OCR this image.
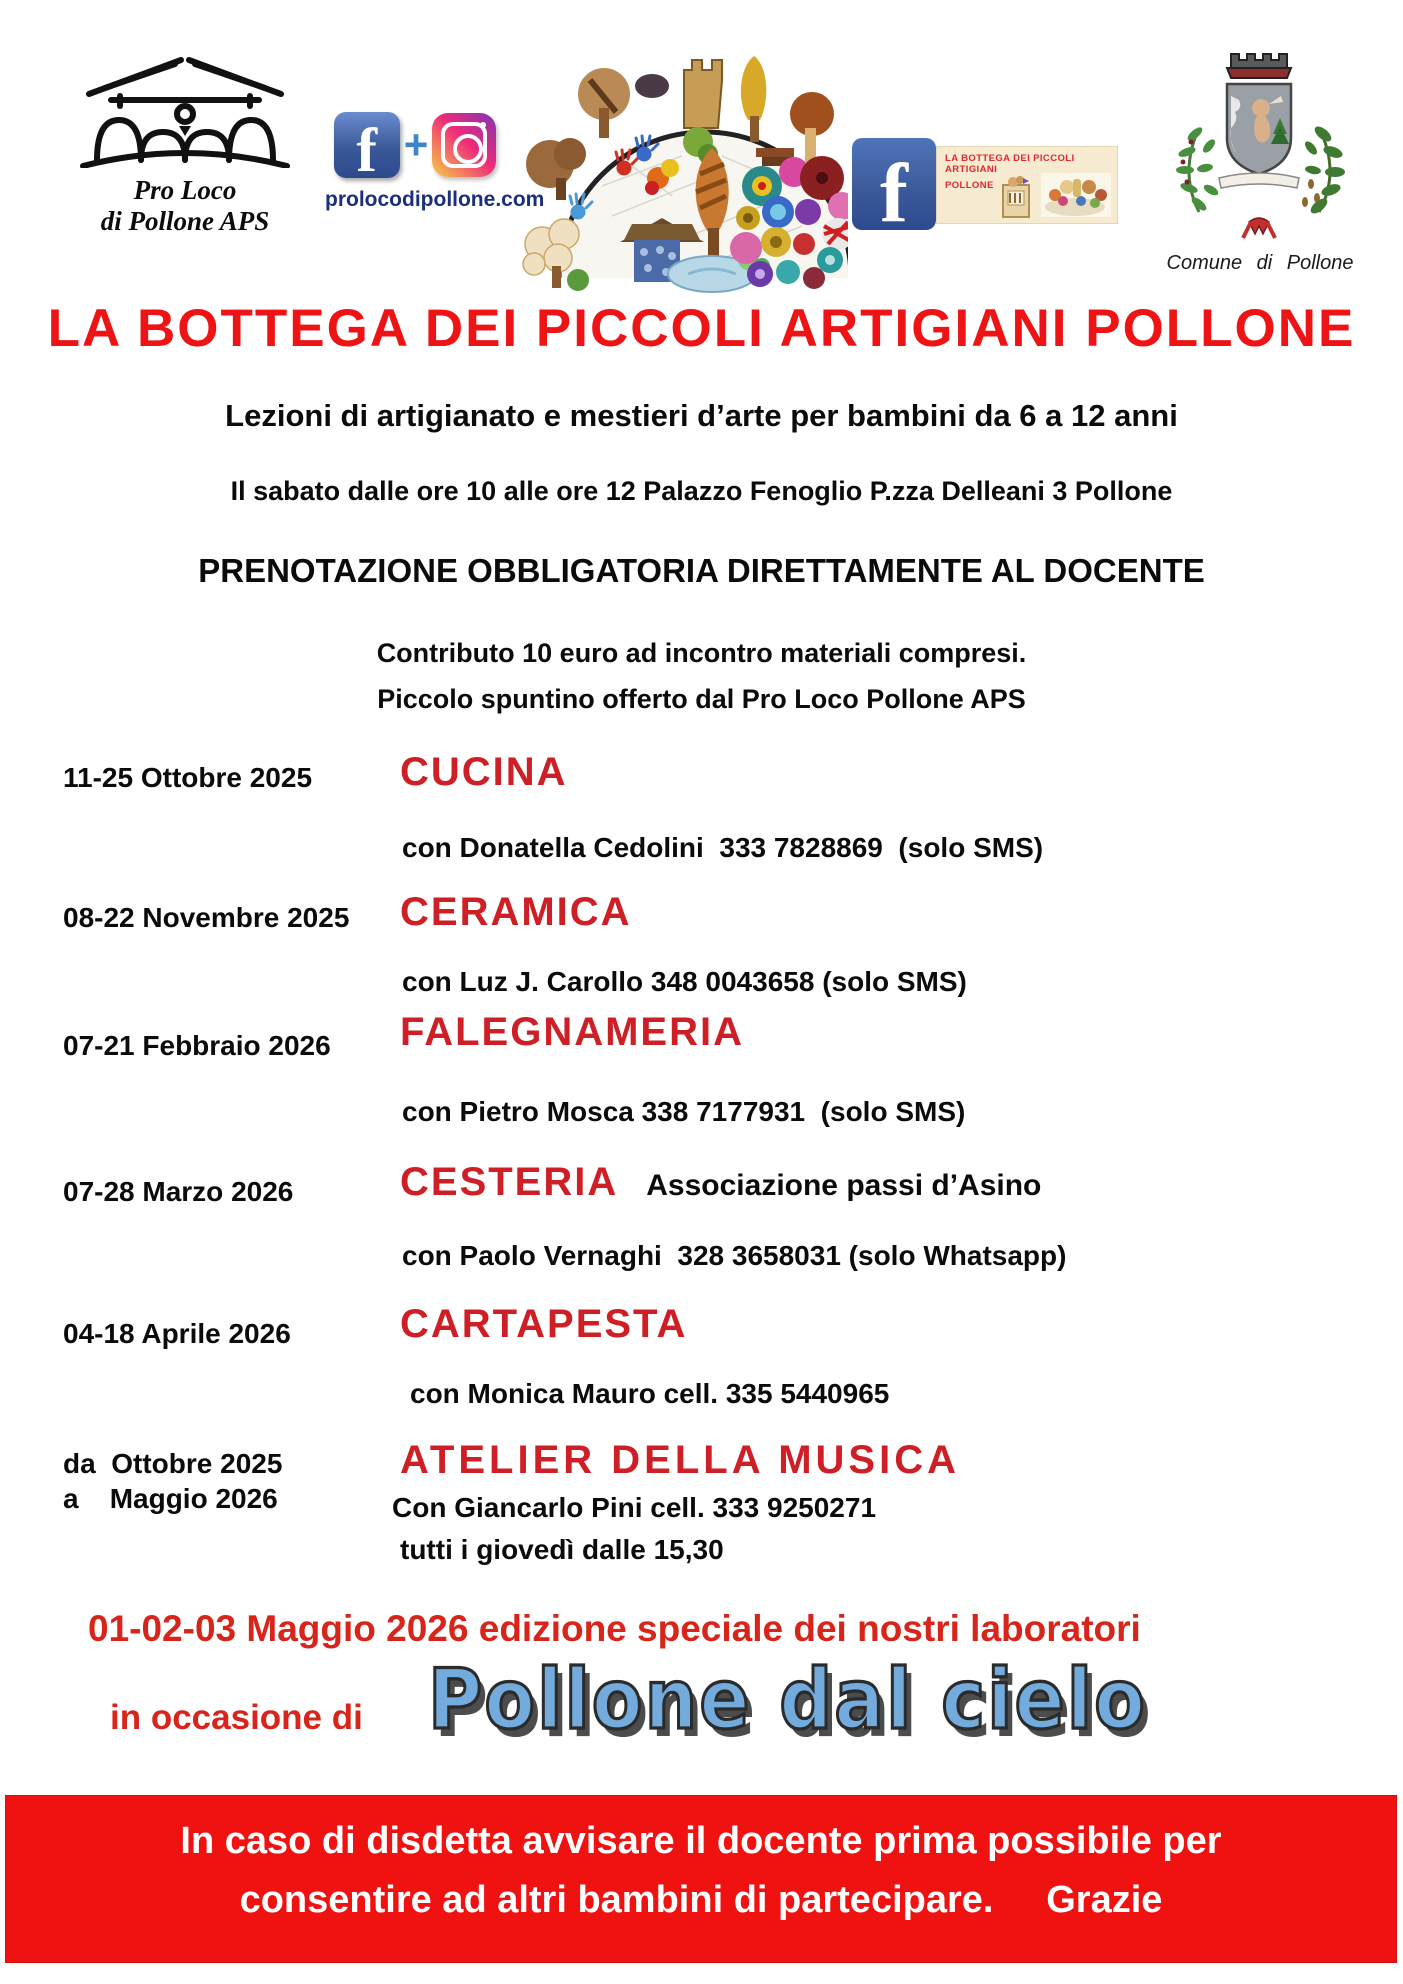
Pro Loco
di Pollone APS
f +
prolocodipollone.com	f	LA BOTTEGA DEI PICCOLI ARTIGIANI
POLLONE
Comune di Pollone
LA BOTTEGA DEI PICCOLI ARTIGIANI POLLONE
Lezioni di artigianato e mestieri d’arte per bambini da 6 a 12 anni
Il sabato dalle ore 10 alle ore 12 Palazzo Fenoglio P.zza Delleani 3 Pollone
PRENOTAZIONE OBBLIGATORIA DIRETTAMENTE AL DOCENTE
Contributo 10 euro ad incontro materiali compresi.
Piccolo spuntino offerto dal Pro Loco Pollone APS
11-25 Ottobre 2025 CUCINA
con Donatella Cedolini  333 7828869  (solo SMS)
08-22 Novembre 2025 CERAMICA
con Luz J. Carollo 348 0043658 (solo SMS)
07-21 Febbraio 2026 FALEGNAMERIA
con Pietro Mosca 338 7177931  (solo SMS)
07-28 Marzo 2026	CESTERIA Associazione passi d’Asino
con Paolo Vernaghi  328 3658031 (solo Whatsapp)
04-18 Aprile 2026	CARTAPESTA
con Monica Mauro cell. 335 5440965
da  Ottobre 2025
a    Maggio 2026
ATELIER DELLA MUSICA
Con Giancarlo Pini cell. 333 9250271
tutti i giovedì dalle 15,30
01-02-03 Maggio 2026 edizione speciale dei nostri laboratori
in occasione di Pollone dal cielo
In caso di disdetta avvisare il docente prima possibile per
consentire ad altri bambini di partecipare.     Grazie
